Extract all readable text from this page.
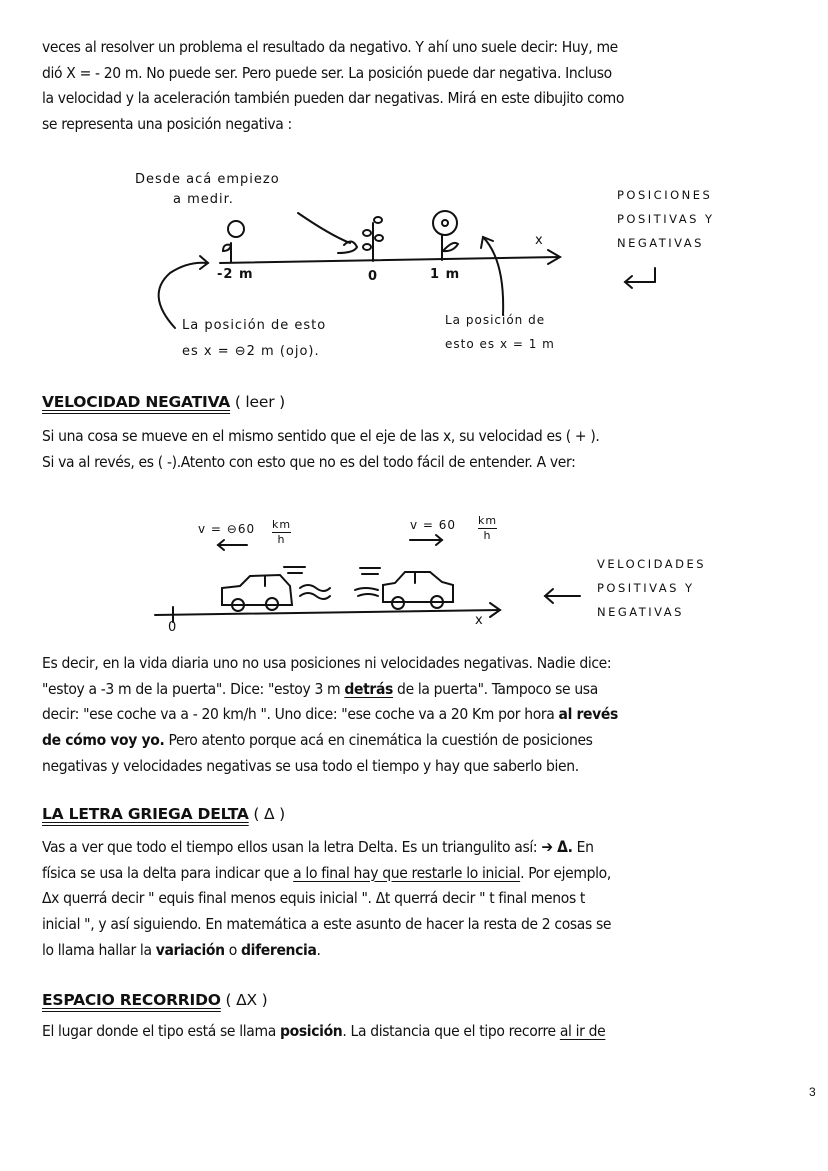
veces al resolver un problema el resultado da negativo. Y ahí uno suele decir: Huy, me
dió X = - 20 m. No puede ser. Pero puede ser. La posición puede dar negativa. Incluso
la velocidad y la aceleración también pueden dar negativas. Mirá en este dibujito como
se representa una posición negativa :
Desde acá empiezo
a medir.
x
-2 m	0	1 m
La posición de esto
es x = ⊖2 m (ojo).
La posición de
esto es x = 1 m
POSICIONES
POSITIVAS Y
NEGATIVAS
VELOCIDAD NEGATIVA ( leer )
Si una cosa se mueve en el mismo sentido que el eje de las x, su velocidad es ( + ).
Si va al revés, es ( -).Atento con esto que no es del todo fácil de entender. A ver:
v = ⊖60 km
h
v = 60 km
h
0	x
VELOCIDADES
POSITIVAS Y
NEGATIVAS
Es decir, en la vida diaria uno no usa posiciones ni velocidades negativas. Nadie dice:
"estoy a -3 m de la puerta". Dice: "estoy 3 m detrás de la puerta". Tampoco se usa
decir: "ese coche va a - 20 km/h ". Uno dice: "ese coche va a 20 Km por hora al revés
de cómo voy yo. Pero atento porque acá en cinemática la cuestión de posiciones
negativas y velocidades negativas se usa todo el tiempo y hay que saberlo bien.
LA LETRA GRIEGA DELTA ( Δ )
Vas a ver que todo el tiempo ellos usan la letra Delta. Es un triangulito así: ➔ Δ. En
física se usa la delta para indicar que a lo final hay que restarle lo inicial. Por ejemplo,
Δx querrá decir " equis final menos equis inicial ". Δt querrá decir " t final menos t
inicial ", y así siguiendo. En matemática a este asunto de hacer la resta de 2 cosas se
lo llama hallar la variación o diferencia.
ESPACIO RECORRIDO ( ΔX )
El lugar donde el tipo está se llama posición. La distancia que el tipo recorre al ir de
3
